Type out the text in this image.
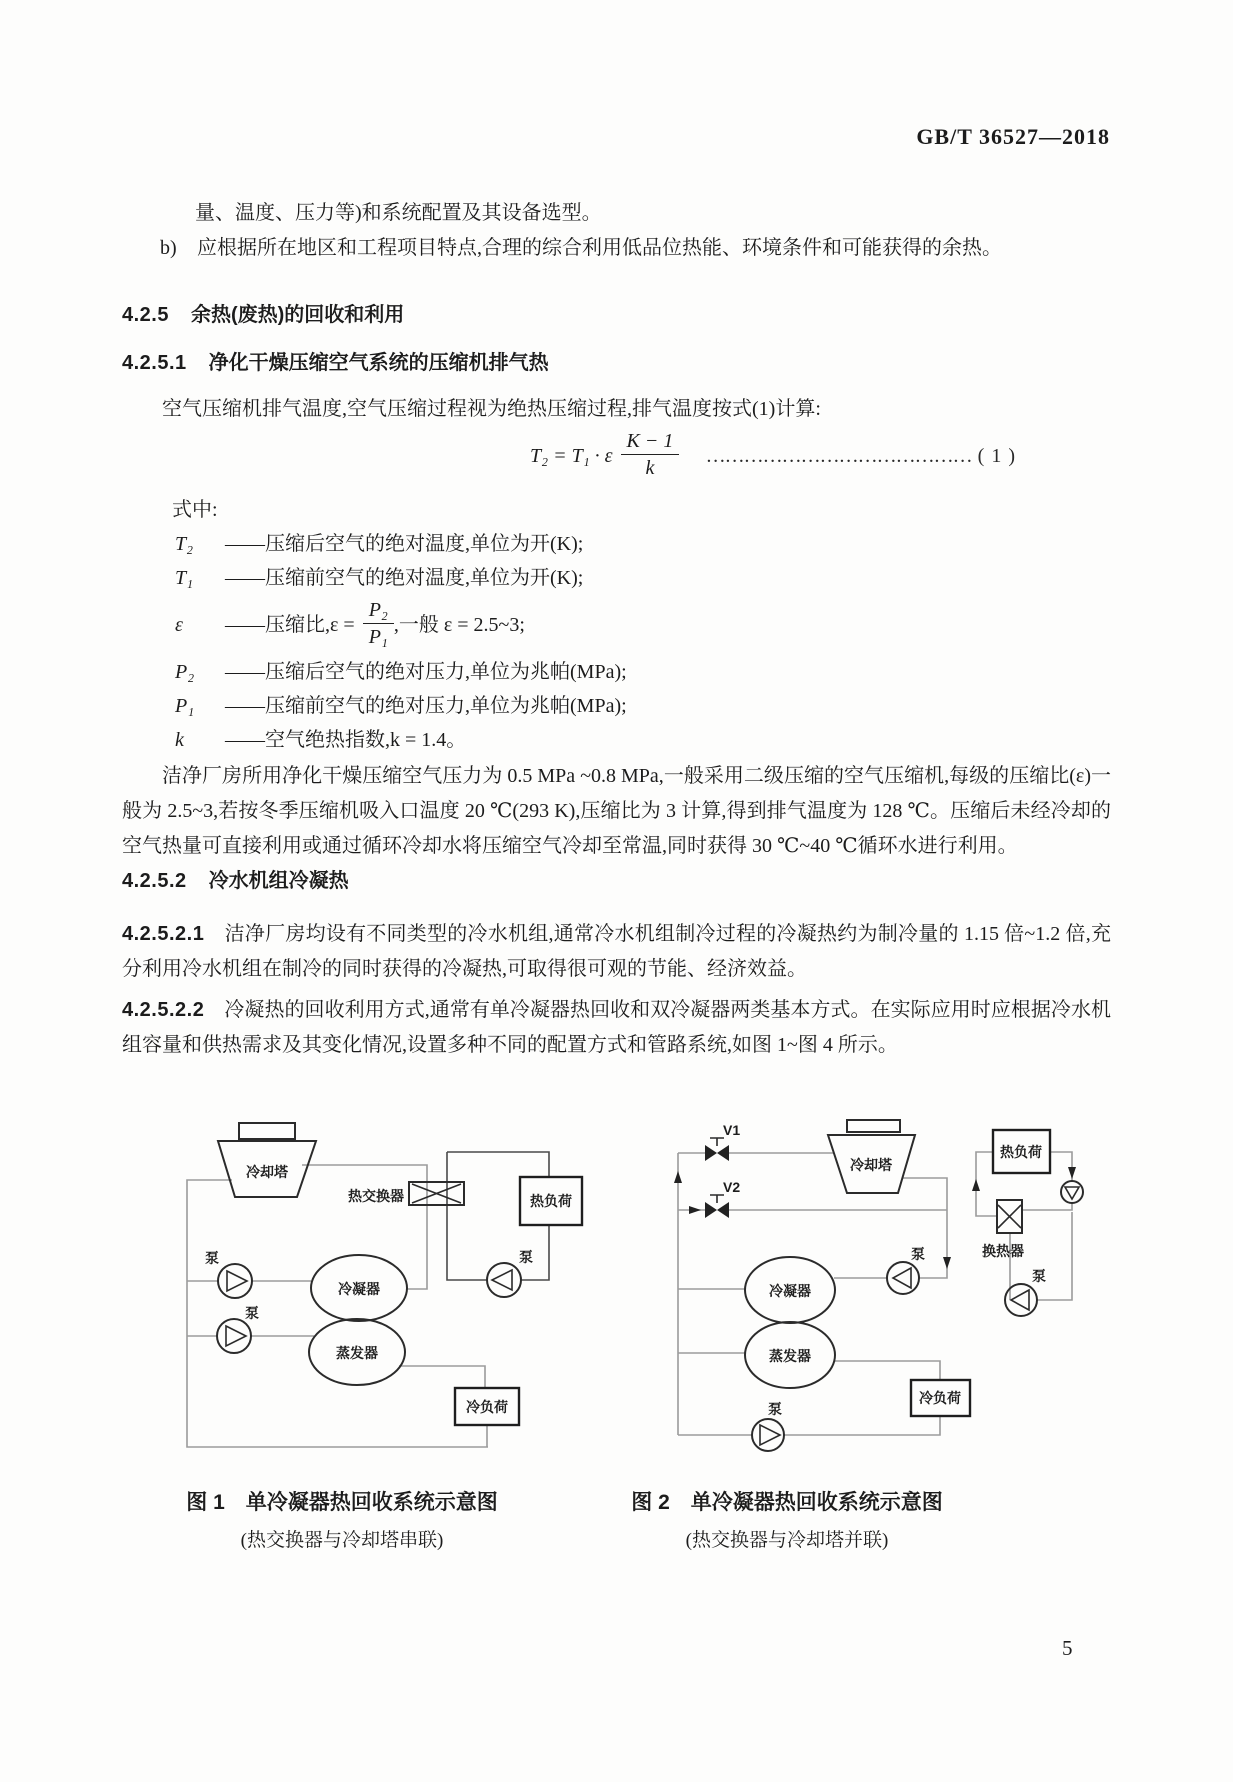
GB/T 36527—2018
量、温度、压力等)和系统配置及其设备选型。
b) 应根据所在地区和工程项目特点,合理的综合利用低品位热能、环境条件和可能获得的余热。
4.2.5 余热(废热)的回收和利用
4.2.5.1 净化干燥压缩空气系统的压缩机排气热
空气压缩机排气温度,空气压缩过程视为绝热压缩过程,排气温度按式(1)计算:
T₂ = T₁ · ε $\frac{K - 1}{k}$ …………………………………… ( 1 )
式中:
T₂	——压缩后空气的绝对温度,单位为开(K);
T₁	——压缩前空气的绝对温度,单位为开(K);
ε	—— 压缩比$,\varepsilon = \frac{\text{P₂}}{\text{P₁}}$ ,一般 ε = 2.5~3;
P₂	——压缩后空气的绝对压力,单位为兆帕(MPa);
P₁	——压缩前空气的绝对压力,单位为兆帕(MPa);
k	——空气绝热指数,k = 1.4。
洁净厂房所用净化干燥压缩空气压力为 0.5 MPa ~0.8 MPa,一般采用二级压缩的空气压缩机,每级的压缩比(ε)一般为 2.5~3,若按冬季压缩机吸入口温度 20 ℃(293 K),压缩比为 3 计算,得到排气温度为 128 ℃。压缩后未经冷却的空气热量可直接利用或通过循环冷却水将压缩空气冷却至常温,同时获得 30 ℃~40 ℃循环水进行利用。
4.2.5.2 冷水机组冷凝热
4.2.5.2.1 洁净厂房均设有不同类型的冷水机组,通常冷水机组制冷过程的冷凝热约为制冷量的 1.15 倍~1.2 倍,充分利用冷水机组在制冷的同时获得的冷凝热,可取得很可观的节能、经济效益。
4.2.5.2.2 冷凝热的回收利用方式,通常有单冷凝器热回收和双冷凝器两类基本方式。在实际应用时应根据冷水机组容量和供热需求及其变化情况,设置多种不同的配置方式和管路系统,如图 1~图 4 所示。
冷却塔
热交换器	热负荷
泵
泵
泵
冷凝器
蒸发器
冷负荷
V1
V2
冷却塔
热负荷
换热器
泵
泵
泵
冷凝器
蒸发器
冷负荷
图 1　单冷凝器热回收系统示意图
(热交换器与冷却塔串联)
图 2　单冷凝器热回收系统示意图
(热交换器与冷却塔并联)
5
